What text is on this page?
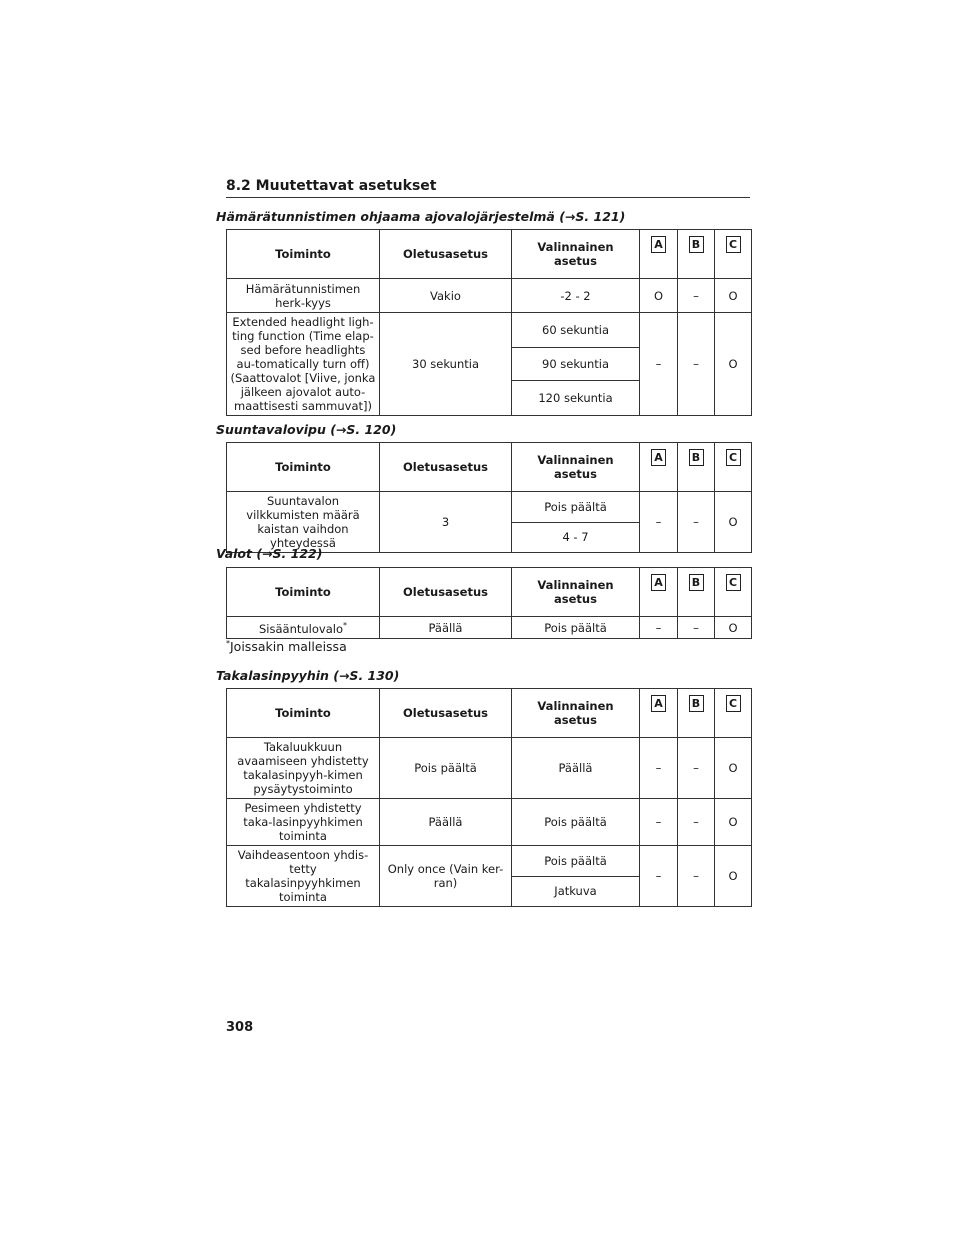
8.2 Muutettavat asetukset
Hämärätunnistimen ohjaama ajovalojärjestelmä (→S. 121)
Toiminto	Oletusasetus	Valinnainen asetus	A	B	C
Hämärätunnistimen herk-kyys	Vakio	-2 - 2	O	–	O
Extended headlight ligh-ting function (Time elap-sed before headlights au-tomatically turn off) (Saattovalot [Viive, jonka jälkeen ajovalot auto-maattisesti sammuvat])	30 sekuntia	60 sekuntia	–	–	O
		90 sekuntia			
		120 sekuntia			
Suuntavalovipu (→S. 120)
Toiminto	Oletusasetus	Valinnainen asetus	A	B	C
Suuntavalon vilkkumisten määrä kaistan vaihdon yhteydessä	3	Pois päältä	–	–	O
		4 - 7			
Valot (→S. 122)
Toiminto	Oletusasetus	Valinnainen asetus	A	B	C
Sisääntulovalo*	Päällä	Pois päältä	–	–	O
*Joissakin malleissa
Takalasinpyyhin (→S. 130)
Toiminto	Oletusasetus	Valinnainen asetus	A	B	C
Takaluukkuun avaamiseen yhdistetty takalasinpyyh-kimen pysäytystoiminto	Pois päältä	Päällä	–	–	O
Pesimeen yhdistetty taka-lasinpyyhkimen toiminta	Päällä	Pois päältä	–	–	O
Vaihdeasentoon yhdis-tetty takalasinpyyhkimen toiminta	Only once (Vain ker-ran)	Pois päältä	–	–	O
		Jatkuva			
308
